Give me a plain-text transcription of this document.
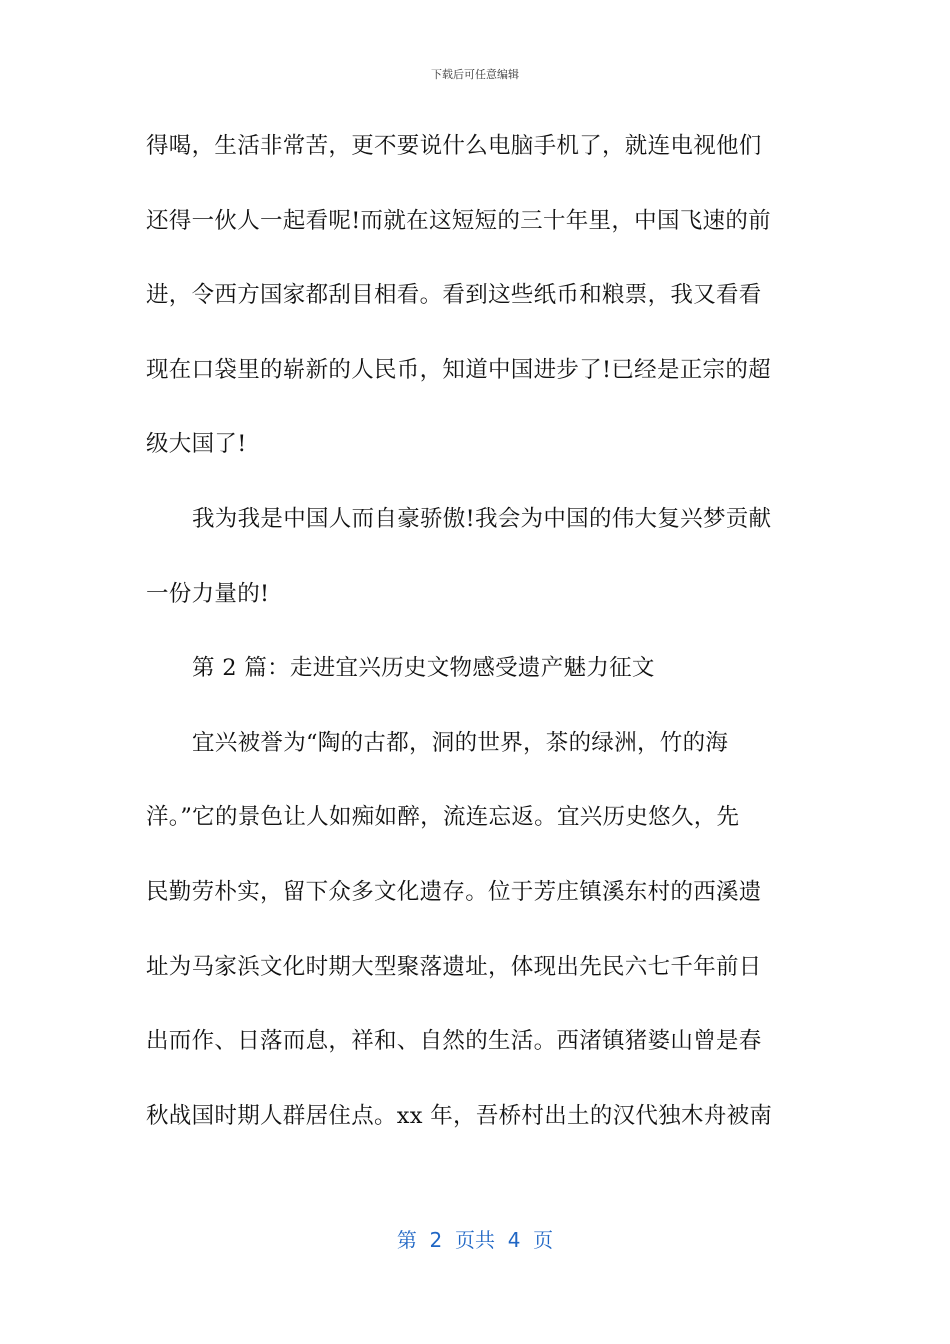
下载后可任意编辑
得喝，生活非常苦，更不要说什么电脑手机了，就连电视他们
还得一伙人一起看呢!而就在这短短的三十年里，中国飞速的前
进，令西方国家都刮目相看。看到这些纸币和粮票，我又看看
现在口袋里的崭新的人民币，知道中国进步了!已经是正宗的超
级大国了!
我为我是中国人而自豪骄傲!我会为中国的伟大复兴梦贡献
一份力量的!
第 2 篇：走进宜兴历史文物感受遗产魅力征文
宜兴被誉为“陶的古都，洞的世界，茶的绿洲，竹的海
洋。”它的景色让人如痴如醉，流连忘返。宜兴历史悠久，先
民勤劳朴实，留下众多文化遗存。位于芳庄镇溪东村的西溪遗
址为马家浜文化时期大型聚落遗址，体现出先民六七千年前日
出而作、日落而息，祥和、自然的生活。西渚镇猪婆山曾是春
秋战国时期人群居住点。xx 年，吾桥村出土的汉代独木舟被南
第  2  页共  4  页
